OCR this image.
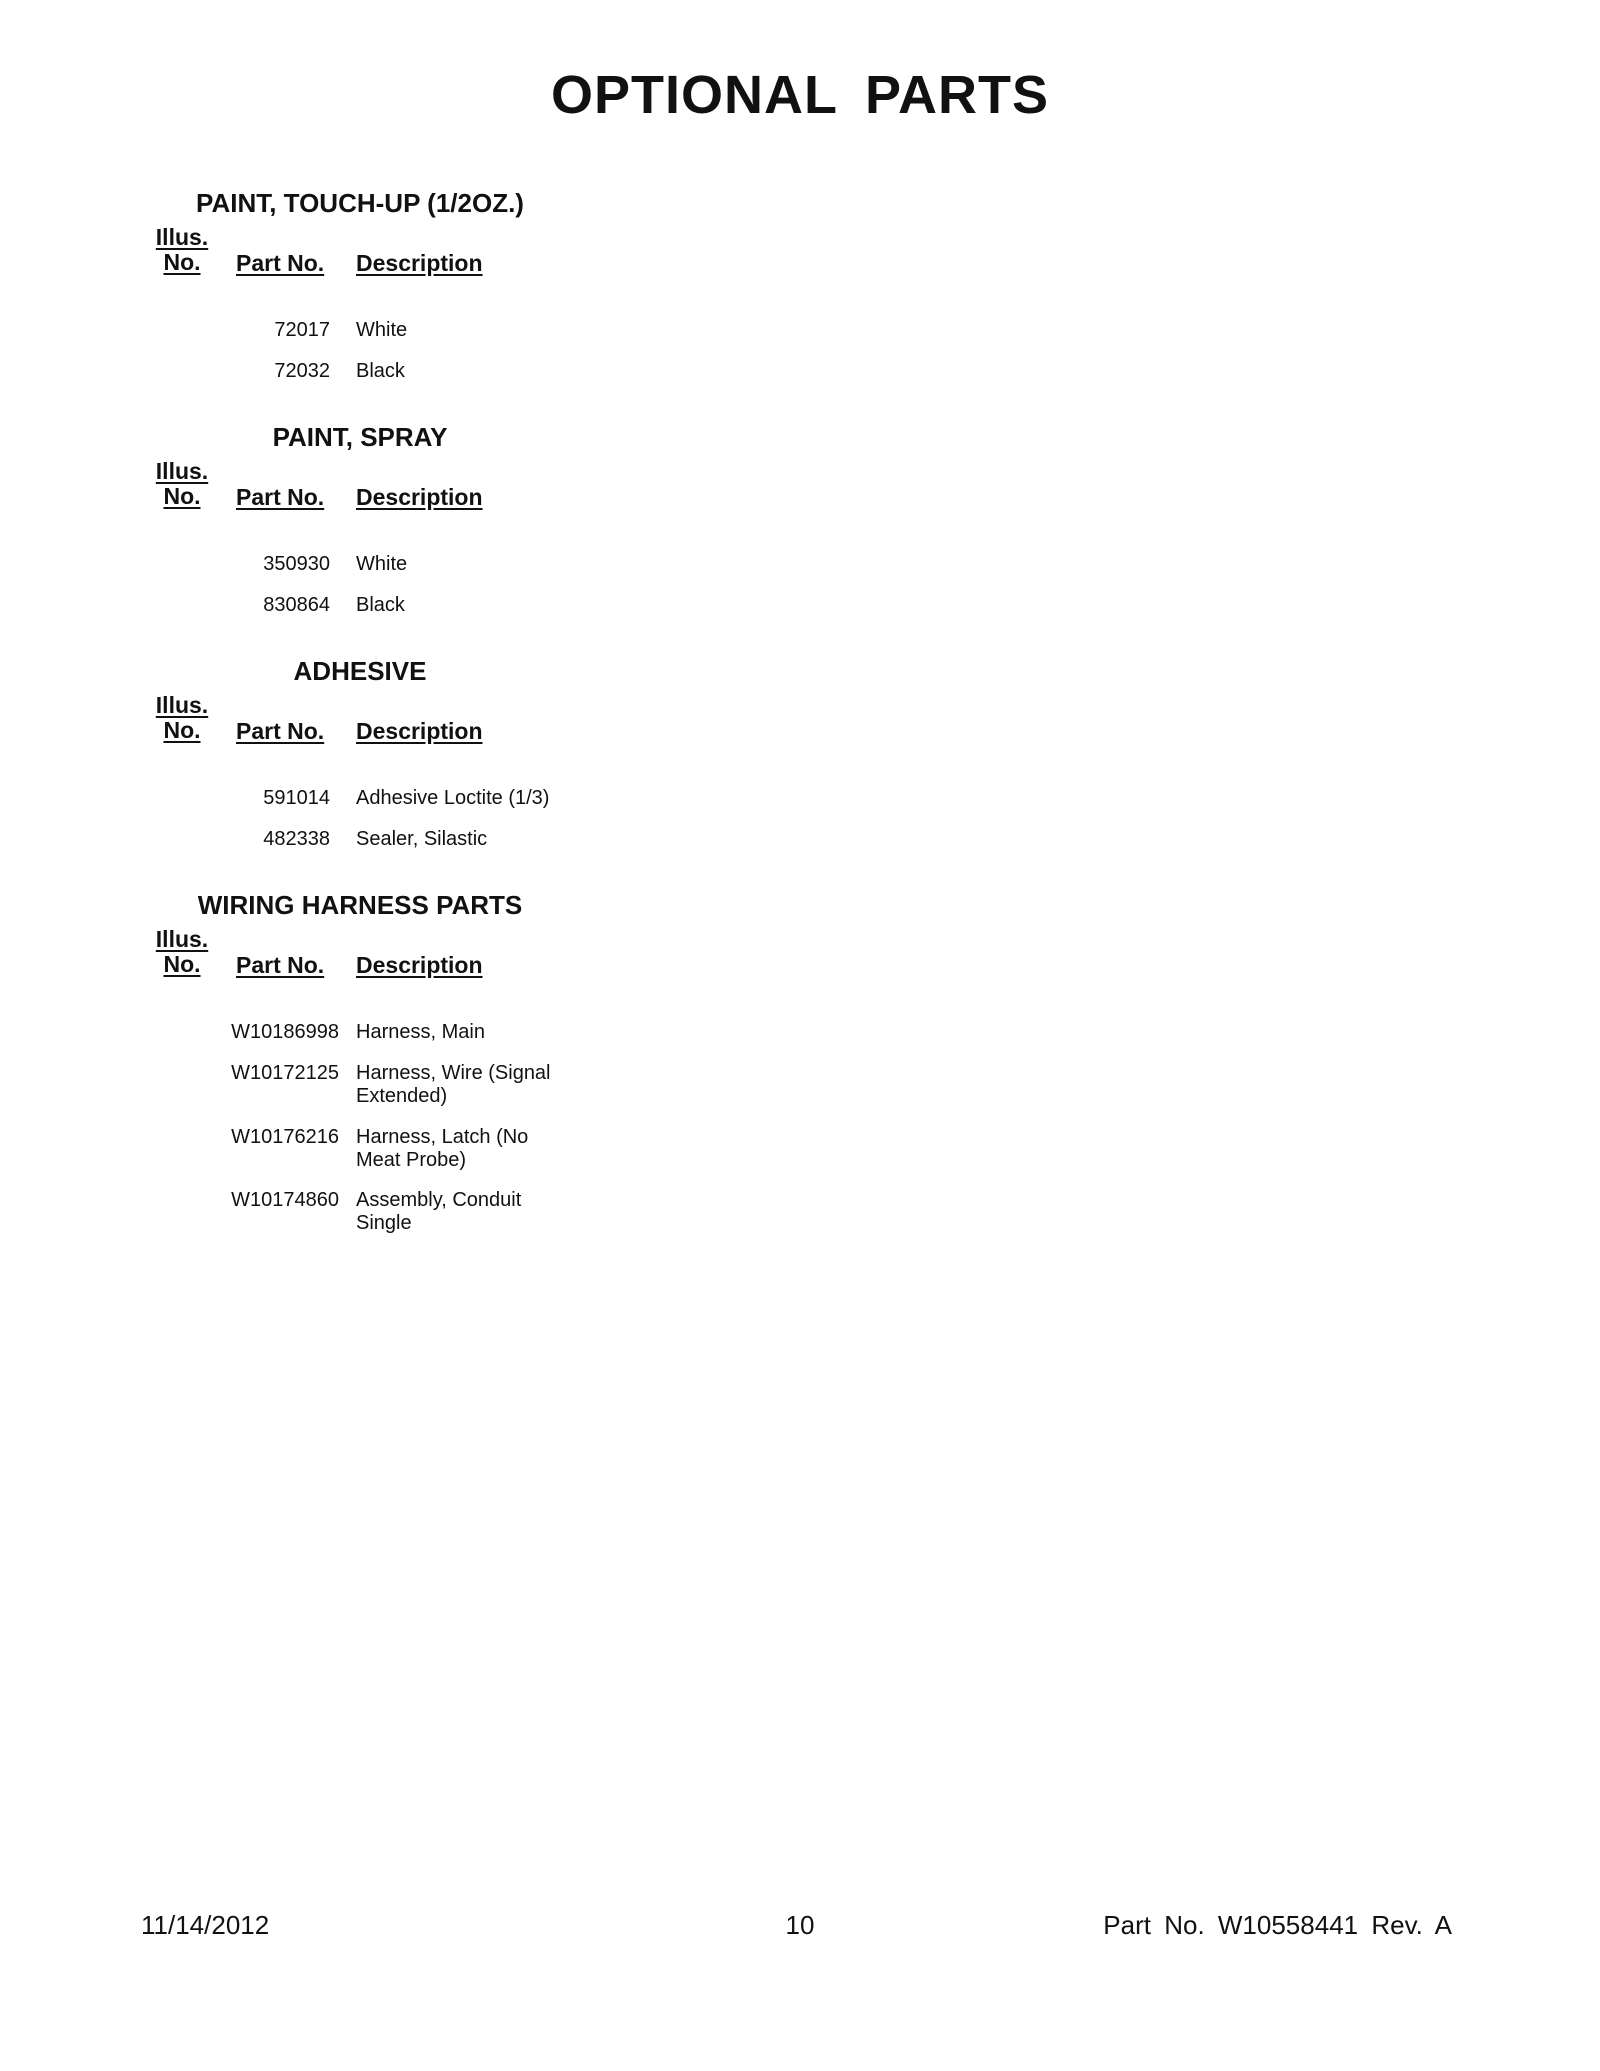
OPTIONAL PARTS
PAINT, TOUCH-UP (1/2OZ.)
Illus.
No.	Part No. Description
72017 White
72032 Black
PAINT, SPRAY
Illus.
No.	Part No. Description
350930 White
830864 Black
ADHESIVE
Illus.
No.	Part No. Description
591014 Adhesive Loctite (1/3)
482338 Sealer, Silastic
WIRING HARNESS PARTS
Illus.
No.	Part No. Description
W10186998 Harness, Main
W10172125 Harness, Wire (Signal Extended)
W10176216 Harness, Latch (No Meat Probe)
W10174860 Assembly, Conduit Single
11/14/2012	10	Part No. W10558441 Rev. A
